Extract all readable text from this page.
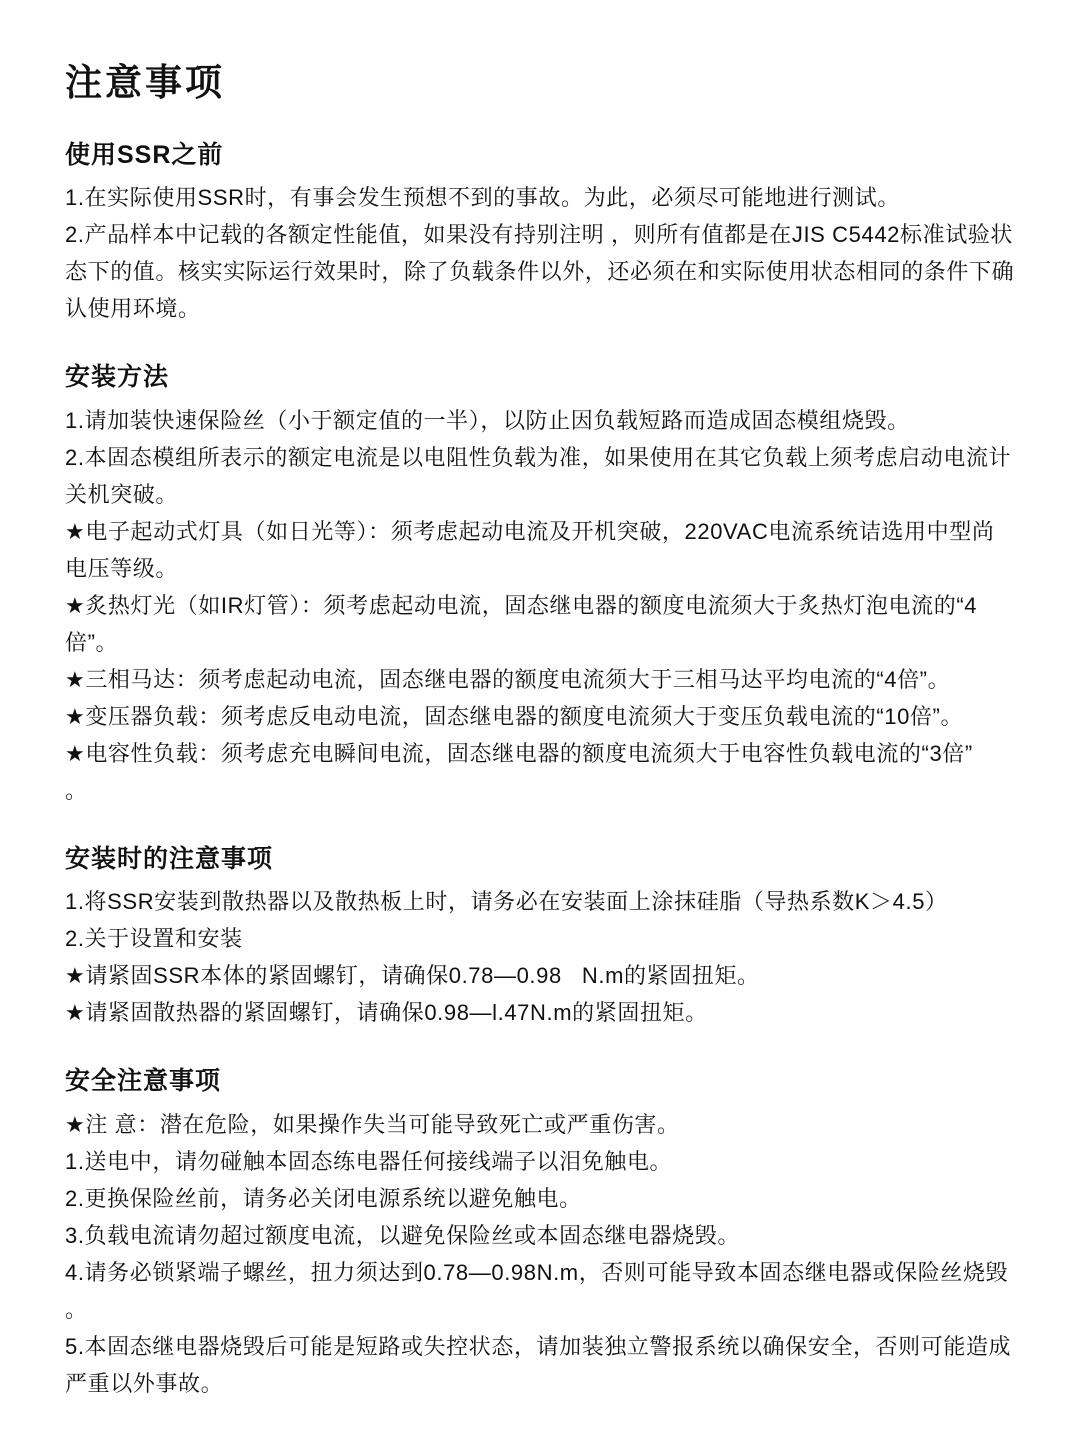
注意事项
使用SSR之前

1.在实际使用SSR时，有事会发生预想不到的事故。为此，必须尽可能地进行测试。

2.产品样本中记载的各额定性能值，如果没有持别注明 ，则所有值都是在JIS C5442标准试验状

态下的值。核实实际运行效果时，除了负载条件以外，还必须在和实际使用状态相同的条件下确

认使用环境。

安装方法

1.请加装快速保险丝（小于额定值的一半），以防止因负载短路而造成固态模组烧毁。

2.本固态模组所表示的额定电流是以电阻性负载为准，如果使用在其它负载上须考虑启动电流计

关机突破。

★电子起动式灯具（如日光等）：须考虑起动电流及开机突破，220VAC电流系统诘选用中型尚

电压等级。

★炙热灯光（如IR灯管）：须考虑起动电流，固态继电器的额度电流须大于炙热灯泡电流的“4

倍”。

★三相马达：须考虑起动电流，固态继电器的额度电流须大于三相马达平均电流的“4倍”。

★变压器负载：须考虑反电动电流，固态继电器的额度电流须大于变压负载电流的“10倍”。

★电容性负载：须考虑充电瞬间电流，固态继电器的额度电流须大于电容性负载电流的“3倍”

。

安装时的注意事项

1.将SSR安装到散热器以及散热板上时，请务必在安装面上涂抹硅脂（导热系数K＞4.5）

2.关于设置和安装

★请紧固SSR本体的紧固螺钉，请确保0.78—0.98   N.m的紧固扭矩。

★请紧固散热器的紧固螺钉，请确保0.98—l.47N.m的紧固扭矩。

安全注意事项

★注 意：潜在危险，如果操作失当可能导致死亡或严重伤害。

1.送电中，请勿碰触本固态练电器任何接线端子以泪免触电。

2.更换保险丝前，请务必关闭电源系统以避免触电。

3.负载电流请勿超过额度电流，以避免保险丝或本固态继电器烧毁。

4.请务必锁紧端子螺丝，扭力须达到0.78—0.98N.m，否则可能导致本固态继电器或保险丝烧毁

。

5.本固态继电器烧毁后可能是短路或失控状态，请加装独立警报系统以确保安全，否则可能造成

严重以外事故。
